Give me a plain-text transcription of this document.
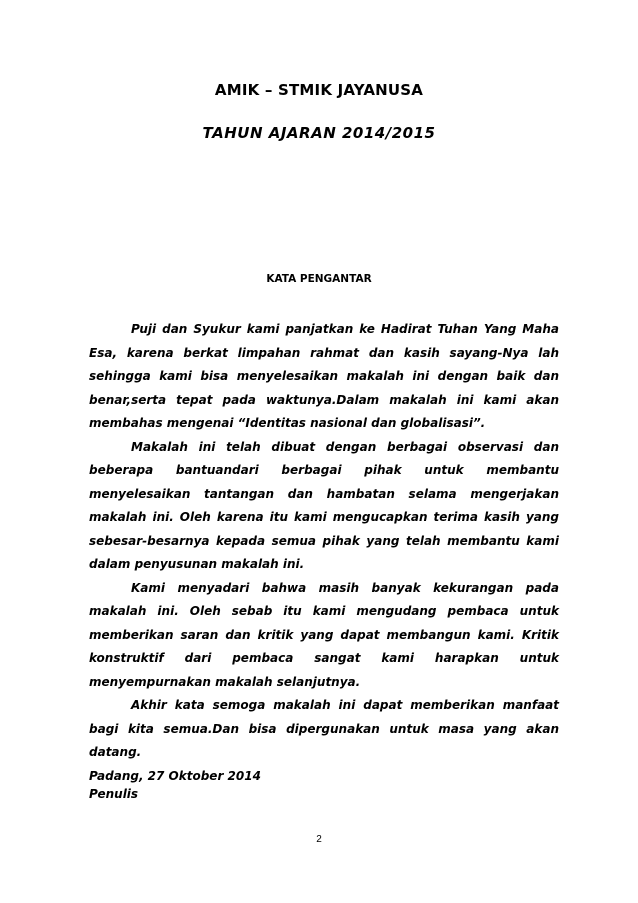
AMIK – STMIK JAYANUSA
TAHUN AJARAN 2014/2015
KATA PENGANTAR

Puji dan Syukur kami panjatkan ke Hadirat Tuhan Yang Maha Esa, karena berkat limpahan rahmat dan kasih sayang-Nya lah sehingga kami bisa menyelesaikan makalah ini dengan baik dan benar,serta tepat pada waktunya.Dalam makalah ini kami akan membahas mengenai “Identitas nasional dan globalisasi”.

Makalah ini telah dibuat dengan berbagai observasi dan beberapa bantuandari berbagai pihak untuk membantu menyelesaikan tantangan dan hambatan selama mengerjakan makalah ini. Oleh karena itu kami mengucapkan terima kasih yang sebesar-besarnya kepada semua pihak yang telah membantu kami dalam penyusunan makalah ini.

Kami menyadari bahwa masih banyak kekurangan pada makalah ini. Oleh sebab itu kami mengudang pembaca untuk memberikan saran dan kritik yang dapat membangun kami. Kritik konstruktif dari pembaca sangat kami harapkan untuk menyempurnakan makalah selanjutnya.

Akhir kata semoga makalah ini dapat memberikan manfaat bagi kita semua.Dan bisa dipergunakan untuk masa yang akan datang.

Padang, 27 Oktober 2014

Penulis
2
